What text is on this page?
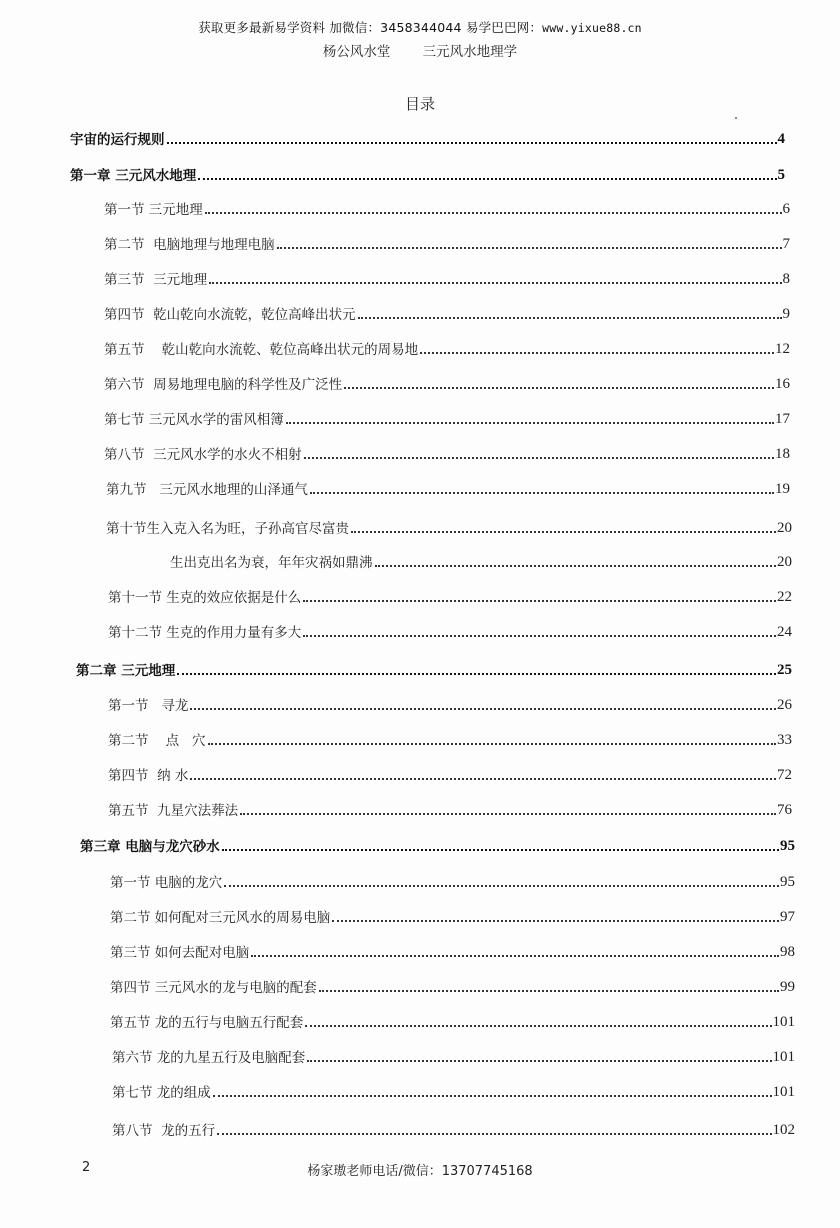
获取更多最新易学资料 加微信：3458344044 易学巴巴网：www.yixue88.cn
杨公风水堂 三元风水地理学
目录
宇宙的运行规则	4
第一章 三元风水地理	5
第一节 三元地理	6
第二节  电脑地理与地理电脑	7
第三节  三元地理	8
第四节  乾山乾向水流乾，乾位高峰出状元	9
第五节    乾山乾向水流乾、乾位高峰出状元的周易地	12
第六节  周易地理电脑的科学性及广泛性	16
第七节 三元风水学的雷风相簿	17
第八节  三元风水学的水火不相射	18
第九节   三元风水地理的山泽通气	19
第十节生入克入名为旺，子孙高官尽富贵	20
生出克出名为衰，年年灾祸如鼎沸	20
第十一节 生克的效应依据是什么	22
第十二节 生克的作用力量有多大	24
第二章 三元地理	25
第一节   寻龙	26
第二节    点   穴	33
第四节  纳 水	72
第五节  九星穴法葬法	76
第三章 电脑与龙穴砂水	95
第一节 电脑的龙穴	95
第二节 如何配对三元风水的周易电脑	97
第三节 如何去配对电脑	98
第四节 三元风水的龙与电脑的配套	99
第五节 龙的五行与电脑五行配套	101
第六节 龙的九星五行及电脑配套	101
第七节 龙的组成	101
第八节  龙的五行	102
2	杨家璈老师电话/微信：13707745168
